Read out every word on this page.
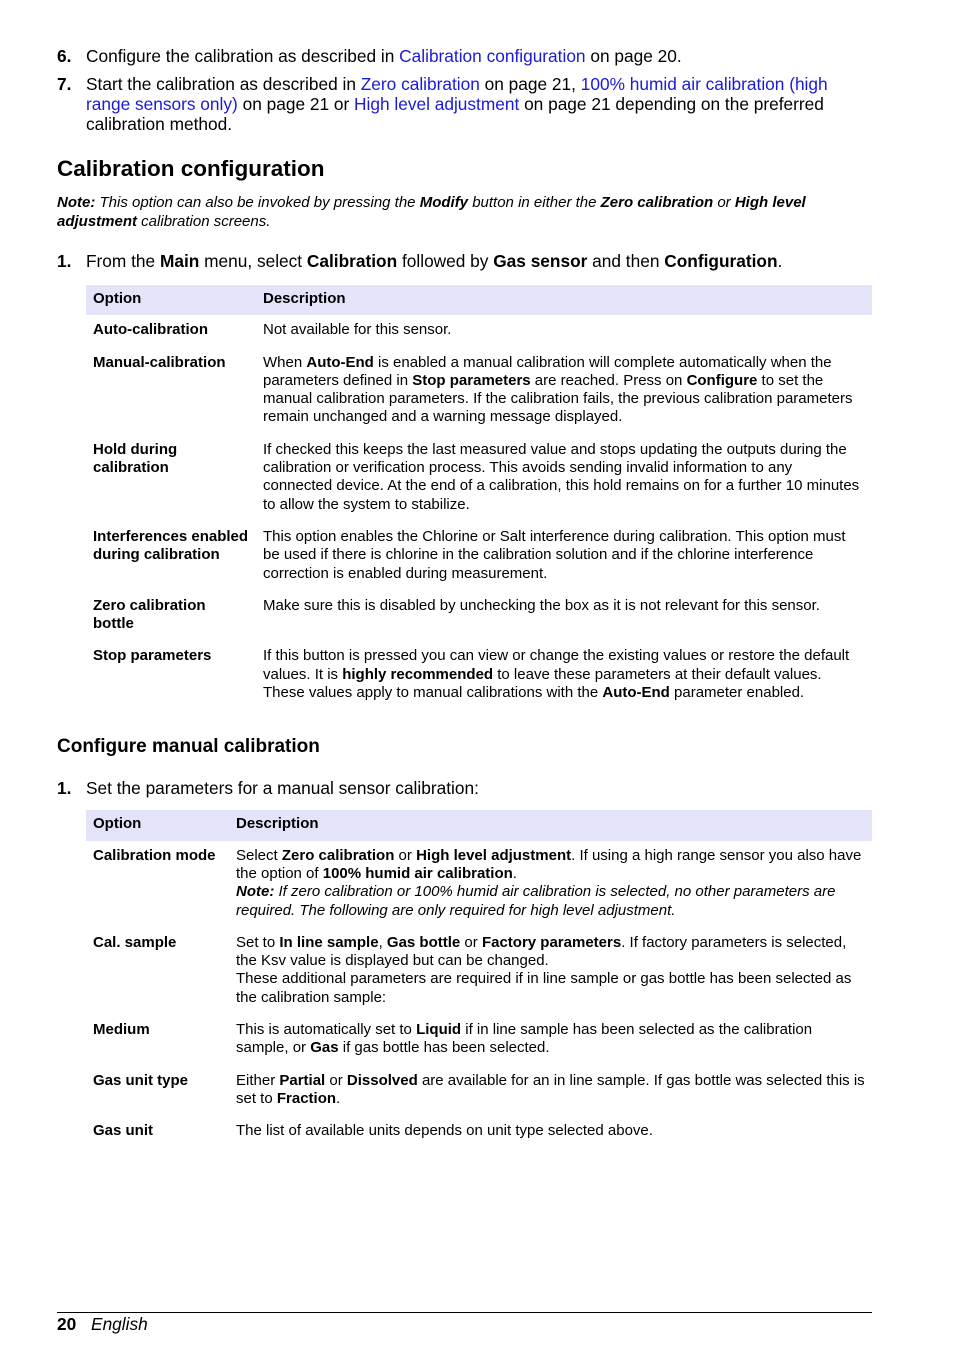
6. Configure the calibration as described in Calibration configuration on page 20.
7. Start the calibration as described in Zero calibration on page 21, 100% humid air calibration (high range sensors only) on page 21 or High level adjustment on page 21 depending on the preferred calibration method.
Calibration configuration
Note: This option can also be invoked by pressing the Modify button in either the Zero calibration or High level adjustment calibration screens.
1. From the Main menu, select Calibration followed by Gas sensor and then Configuration.
Option	Description
Auto-calibration	Not available for this sensor.

Manual-calibration	When Auto-End is enabled a manual calibration will complete automatically when the parameters defined in Stop parameters are reached. Press on Configure to set the manual calibration parameters. If the calibration fails, the previous calibration parameters remain unchanged and a warning message displayed.

Hold during calibration	If checked this keeps the last measured value and stops updating the outputs during the calibration or verification process. This avoids sending invalid information to any connected device. At the end of a calibration, this hold remains on for a further 10 minutes to allow the system to stabilize.

Interferences enabled during calibration	This option enables the Chlorine or Salt interference during calibration. This option must be used if there is chlorine in the calibration solution and if the chlorine interference correction is enabled during measurement.

Zero calibration bottle	Make sure this is disabled by unchecking the box as it is not relevant for this sensor.

Stop parameters	If this button is pressed you can view or change the existing values or restore the default values. It is highly recommended to leave these parameters at their default values. These values apply to manual calibrations with the Auto-End parameter enabled.
Configure manual calibration
1. Set the parameters for a manual sensor calibration:
Option	Description
Calibration mode	Select Zero calibration or High level adjustment. If using a high range sensor you also have the option of 100% humid air calibration.
Note: If zero calibration or 100% humid air calibration is selected, no other parameters are required. The following are only required for high level adjustment.

Cal. sample	Set to In line sample, Gas bottle or Factory parameters. If factory parameters is selected, the Ksv value is displayed but can be changed.
These additional parameters are required if in line sample or gas bottle has been selected as the calibration sample:

Medium	This is automatically set to Liquid if in line sample has been selected as the calibration sample, or Gas if gas bottle has been selected.

Gas unit type	Either Partial or Dissolved are available for an in line sample. If gas bottle was selected this is set to Fraction.

Gas unit	The list of available units depends on unit type selected above.
20 English
